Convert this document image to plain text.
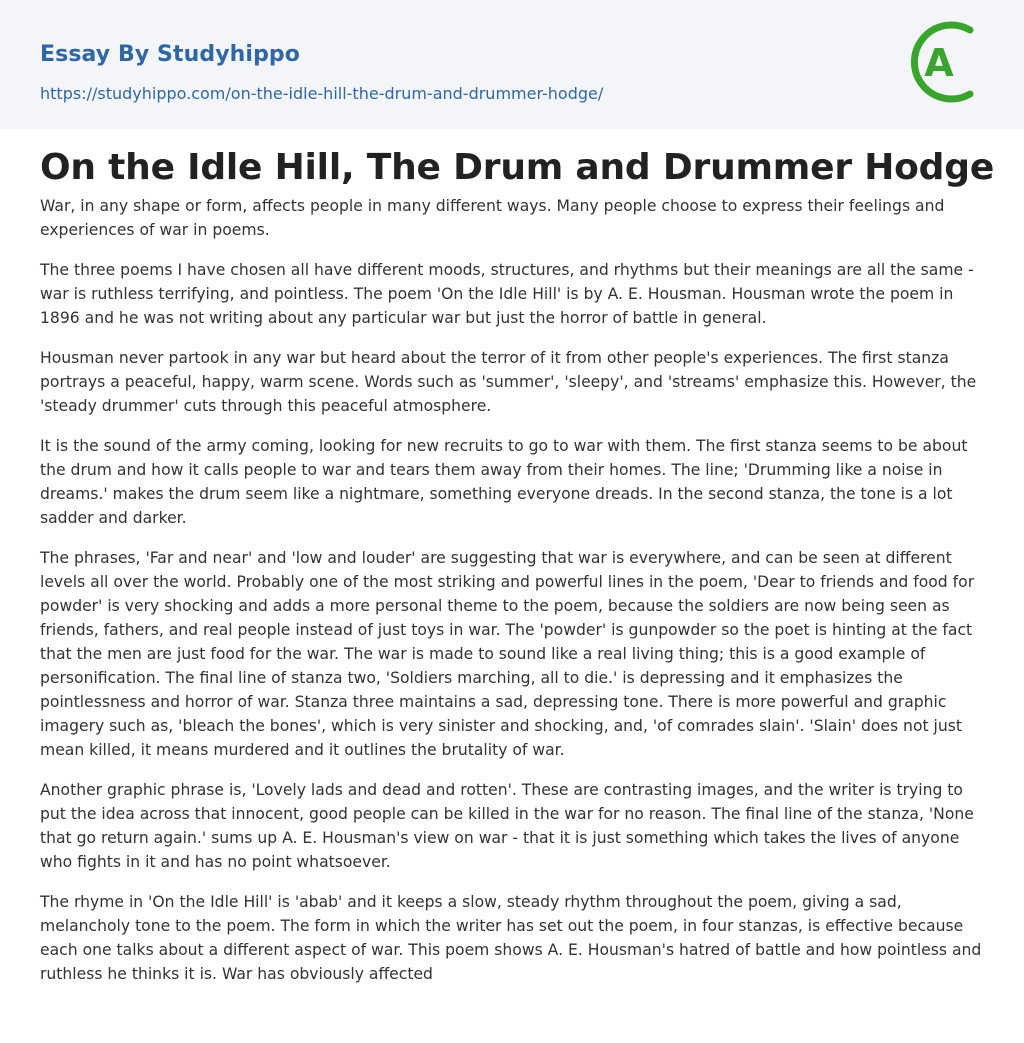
Essay By Studyhippo
https://studyhippo.com/on-the-idle-hill-the-drum-and-drummer-hodge/
A
On the Idle Hill, The Drum and Drummer Hodge

War, in any shape or form, affects people in many different ways. Many people choose to express their feelings and experiences of war in poems.

The three poems I have chosen all have different moods, structures, and rhythms but their meanings are all the same - war is ruthless terrifying, and pointless. The poem 'On the Idle Hill' is by A. E. Housman. Housman wrote the poem in 1896 and he was not writing about any particular war but just the horror of battle in general.

Housman never partook in any war but heard about the terror of it from other people's experiences. The first stanza portrays a peaceful, happy, warm scene. Words such as 'summer', 'sleepy', and 'streams' emphasize this. However, the 'steady drummer' cuts through this peaceful atmosphere.

It is the sound of the army coming, looking for new recruits to go to war with them. The first stanza seems to be about the drum and how it calls people to war and tears them away from their homes. The line; 'Drumming like a noise in dreams.' makes the drum seem like a nightmare, something everyone dreads. In the second stanza, the tone is a lot sadder and darker.

The phrases, 'Far and near' and 'low and louder' are suggesting that war is everywhere, and can be seen at different levels all over the world. Probably one of the most striking and powerful lines in the poem, 'Dear to friends and food for powder' is very shocking and adds a more personal theme to the poem, because the soldiers are now being seen as friends, fathers, and real people instead of just toys in war. The 'powder' is gunpowder so the poet is hinting at the fact that the men are just food for the war. The war is made to sound like a real living thing; this is a good example of personification. The final line of stanza two, 'Soldiers marching, all to die.' is depressing and it emphasizes the pointlessness and horror of war. Stanza three maintains a sad, depressing tone. There is more powerful and graphic imagery such as, 'bleach the bones', which is very sinister and shocking, and, 'of comrades slain'. 'Slain' does not just mean killed, it means murdered and it outlines the brutality of war.

Another graphic phrase is, 'Lovely lads and dead and rotten'. These are contrasting images, and the writer is trying to put the idea across that innocent, good people can be killed in the war for no reason. The final line of the stanza, 'None that go return again.' sums up A. E. Housman's view on war - that it is just something which takes the lives of anyone who fights in it and has no point whatsoever.

The rhyme in 'On the Idle Hill' is 'abab' and it keeps a slow, steady rhythm throughout the poem, giving a sad, melancholy tone to the poem. The form in which the writer has set out the poem, in four stanzas, is effective because each one talks about a different aspect of war. This poem shows A. E. Housman's hatred of battle and how pointless and ruthless he thinks it is. War has obviously affected
